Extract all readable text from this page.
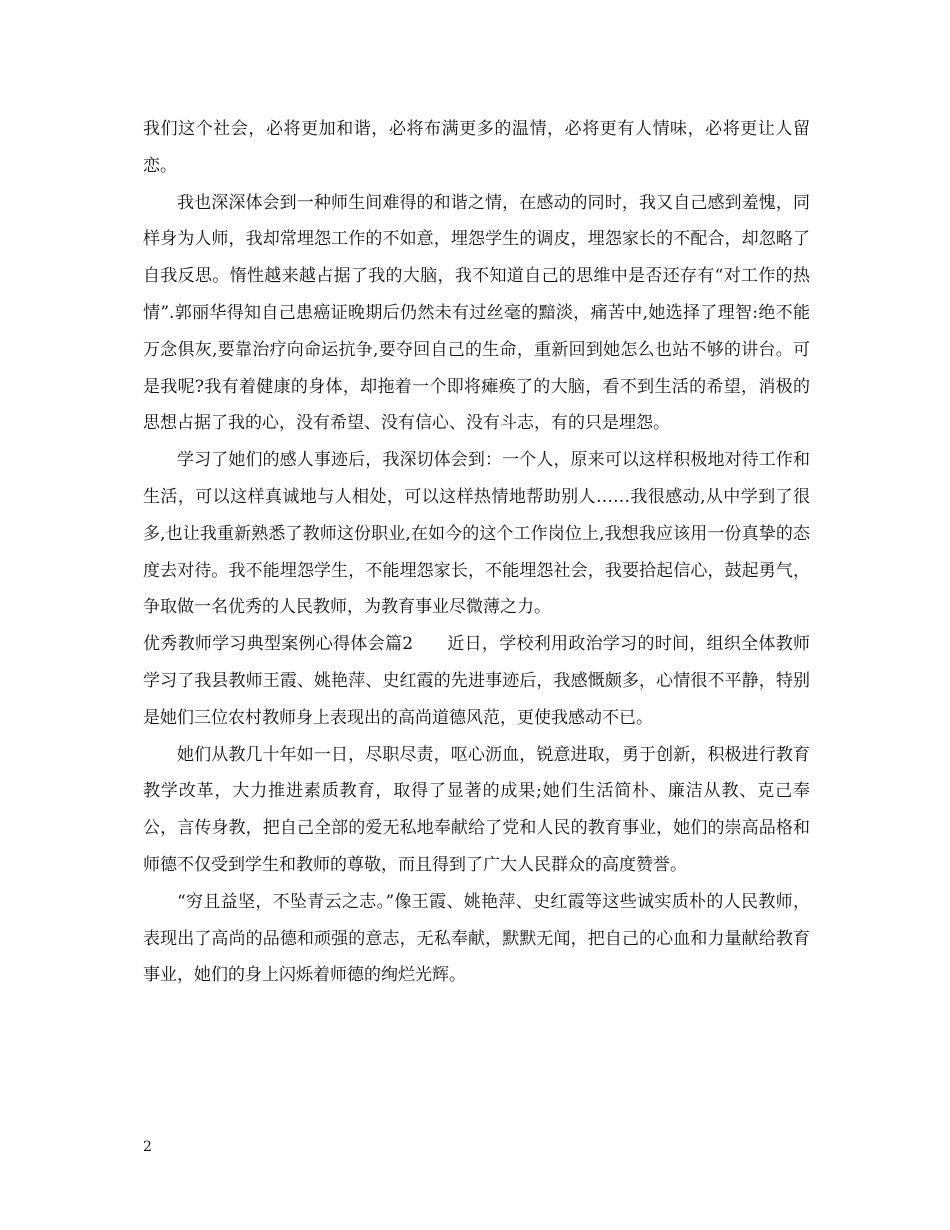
我们这个社会，必将更加和谐，必将布满更多的温情，必将更有人情味，必将更让人留恋。

我也深深体会到一种师生间难得的和谐之情，在感动的同时，我又自己感到羞愧，同样身为人师，我却常埋怨工作的不如意，埋怨学生的调皮，埋怨家长的不配合，却忽略了自我反思。惰性越来越占据了我的大脑，我不知道自己的思维中是否还存有“对工作的热情”.郭丽华得知自己患癌证晚期后仍然未有过丝毫的黯淡，痛苦中,她选择了理智:绝不能万念俱灰,要靠治疗向命运抗争,要夺回自己的生命，重新回到她怎么也站不够的讲台。可是我呢?我有着健康的身体，却拖着一个即将瘫痪了的大脑，看不到生活的希望，消极的思想占据了我的心，没有希望、没有信心、没有斗志，有的只是埋怨。

学习了她们的感人事迹后，我深切体会到：一个人，原来可以这样积极地对待工作和生活，可以这样真诚地与人相处，可以这样热情地帮助别人……我很感动,从中学到了很多,也让我重新熟悉了教师这份职业,在如今的这个工作岗位上,我想我应该用一份真挚的态度去对待。我不能埋怨学生，不能埋怨家长，不能埋怨社会，我要拾起信心，鼓起勇气，争取做一名优秀的人民教师，为教育事业尽微薄之力。

优秀教师学习典型案例心得体会篇2 近日，学校利用政治学习的时间，组织全体教师学习了我县教师王霞、姚艳萍、史红霞的先进事迹后，我感慨颇多，心情很不平静，特别是她们三位农村教师身上表现出的高尚道德风范，更使我感动不已。

她们从教几十年如一日，尽职尽责，呕心沥血，锐意进取，勇于创新，积极进行教育教学改革，大力推进素质教育，取得了显著的成果;她们生活简朴、廉洁从教、克己奉公，言传身教，把自己全部的爱无私地奉献给了党和人民的教育事业，她们的崇高品格和师德不仅受到学生和教师的尊敬，而且得到了广大人民群众的高度赞誉。

“穷且益坚，不坠青云之志。”像王霞、姚艳萍、史红霞等这些诚实质朴的人民教师，表现出了高尚的品德和顽强的意志，无私奉献，默默无闻，把自己的心血和力量献给教育事业，她们的身上闪烁着师德的绚烂光辉。

2
